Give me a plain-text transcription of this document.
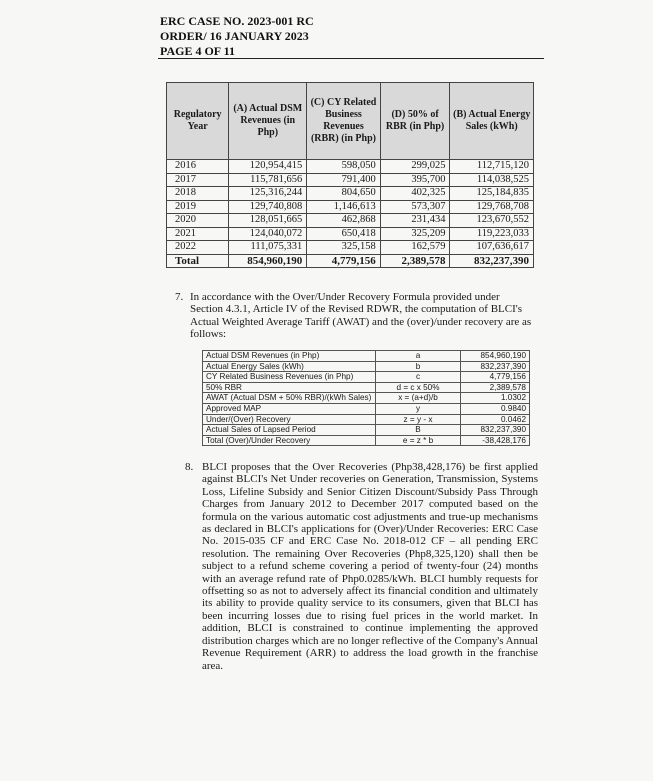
ERC CASE NO. 2023-001 RC
ORDER/ 16 JANUARY 2023
PAGE 4 OF 11
Regulatory Year	(A) Actual DSM Revenues (in Php)	(C) CY Related Business Revenues (RBR) (in Php)	(D) 50% of RBR (in Php)	(B) Actual Energy Sales (kWh)
2016	120,954,415	598,050	299,025	112,715,120
2017	115,781,656	791,400	395,700	114,038,525
2018	125,316,244	804,650	402,325	125,184,835
2019	129,740,808	1,146,613	573,307	129,768,708
2020	128,051,665	462,868	231,434	123,670,552
2021	124,040,072	650,418	325,209	119,223,033
2022	111,075,331	325,158	162,579	107,636,617
Total	854,960,190	4,779,156	2,389,578	832,237,390
7. In accordance with the Over/Under Recovery Formula provided under Section 4.3.1, Article IV of the Revised RDWR, the computation of BLCI's Actual Weighted Average Tariff (AWAT) and the (over)/under recovery are as follows:
Actual DSM Revenues (in Php)	a	854,960,190
Actual Energy Sales (kWh)	b	832,237,390
CY Related Business Revenues (in Php)	c	4,779,156
50% RBR	d = c x 50%	2,389,578
AWAT (Actual DSM + 50% RBR)/(kWh Sales)	x = (a+d)/b	1.0302
Approved MAP	y	0.9840
Under/(Over) Recovery	z = y - x	0.0462
Actual Sales of Lapsed Period	B	832,237,390
Total (Over)/Under Recovery	e = z * b	-38,428,176
8. BLCI proposes that the Over Recoveries (Php38,428,176) be first applied against BLCI's Net Under recoveries on Generation, Transmission, Systems Loss, Lifeline Subsidy and Senior Citizen Discount/Subsidy Pass Through Charges from January 2012 to December 2017 computed based on the formula on the various automatic cost adjustments and true-up mechanisms as declared in BLCI's applications for (Over)/Under Recoveries: ERC Case No. 2015-035 CF and ERC Case No. 2018-012 CF – all pending ERC resolution. The remaining Over Recoveries (Php8,325,120) shall then be subject to a refund scheme covering a period of twenty-four (24) months with an average refund rate of Php0.0285/kWh. BLCI humbly requests for offsetting so as not to adversely affect its financial condition and ultimately its ability to provide quality service to its consumers, given that BLCI has been incurring losses due to rising fuel prices in the world market. In addition, BLCI is constrained to continue implementing the approved distribution charges which are no longer reflective of the Company's Annual Revenue Requirement (ARR) to address the load growth in the franchise area.
